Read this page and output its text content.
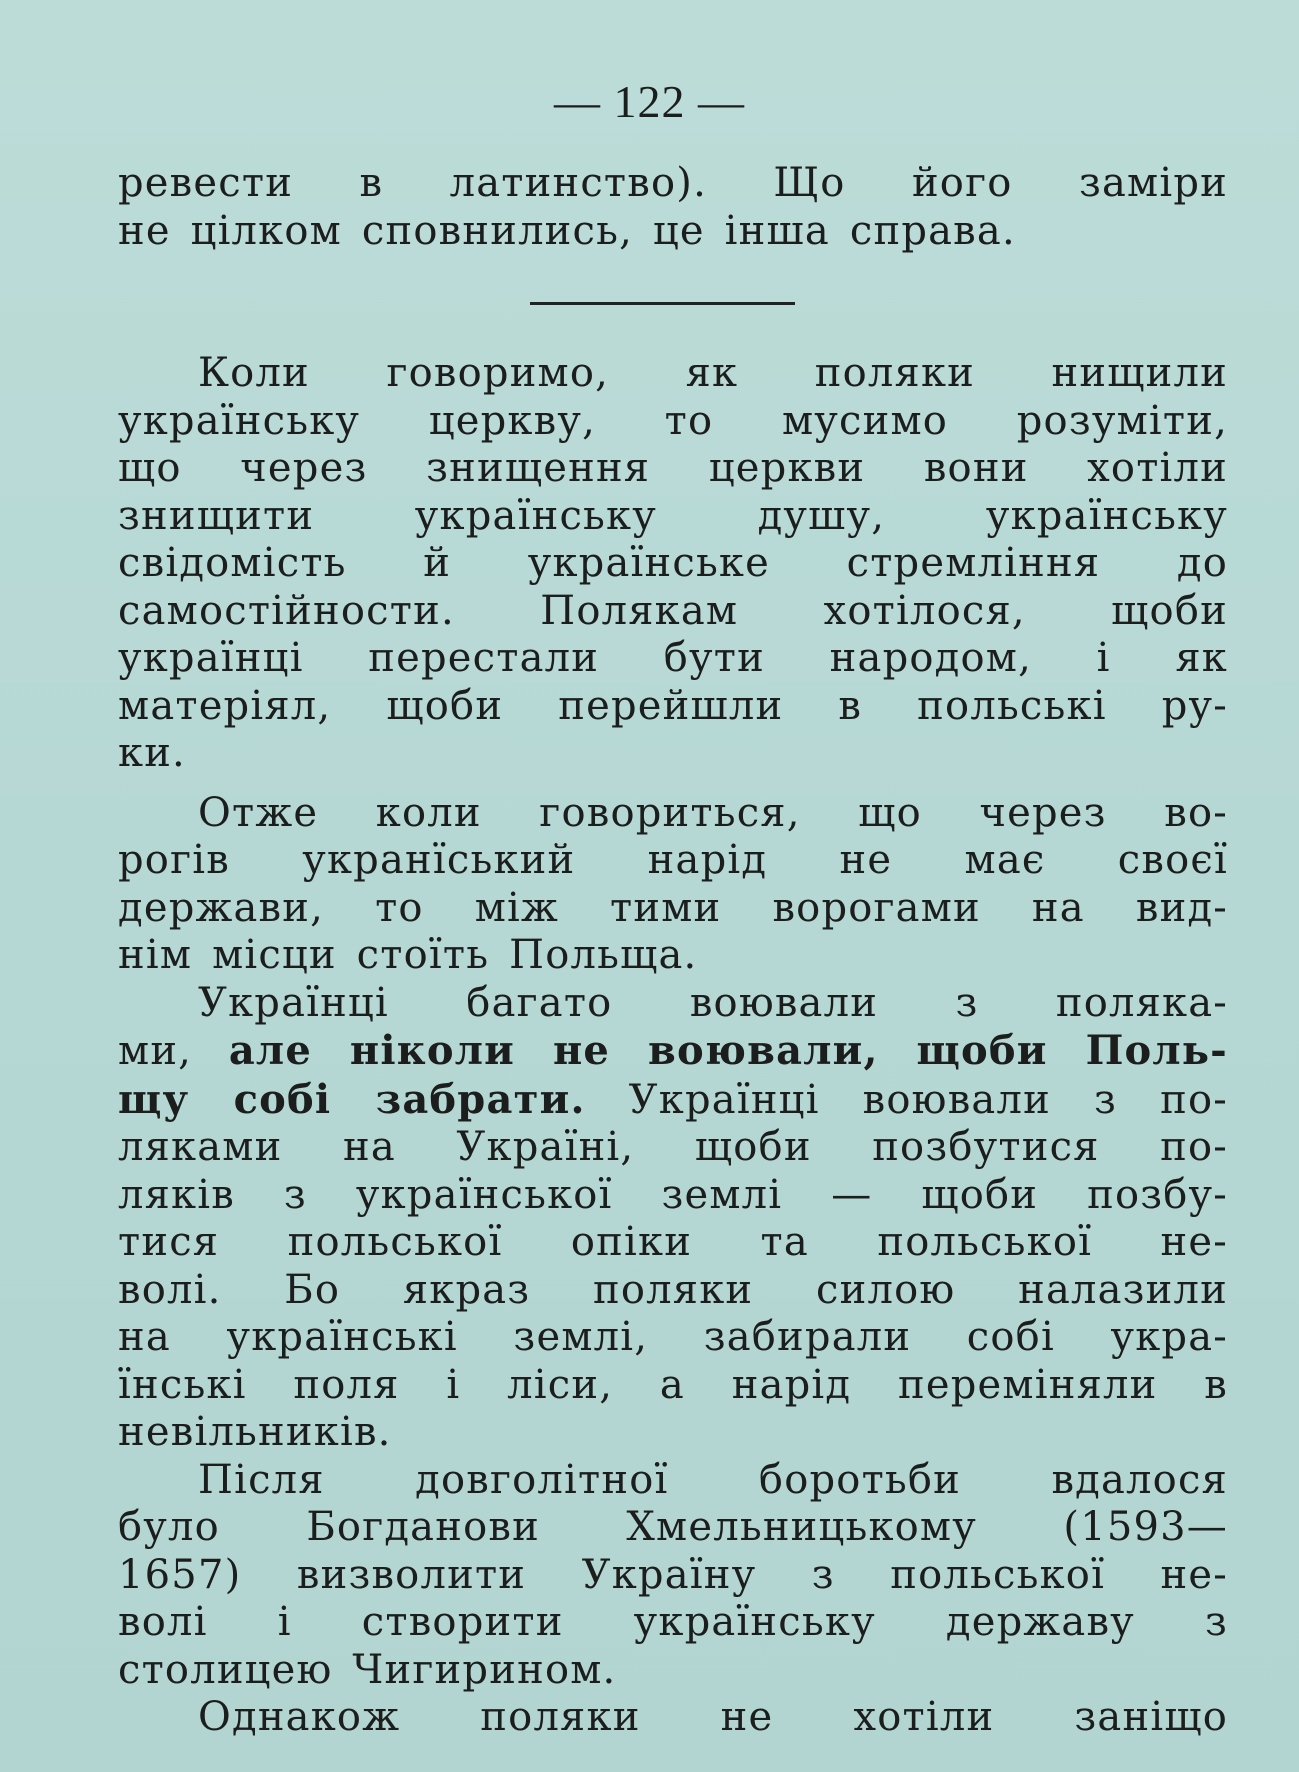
— 122 —

ревести в латинство). Що його заміри
не цілком сповнились, це інша справа.

Коли говоримо, як поляки нищили
українську церкву, то мусимо розуміти,
що через знищення церкви вони хотіли
знищити українську душу, українську
свідомість й українське стремління до
самостійности. Полякам хотілося, щоби
українці перестали бути народом, і як
матеріял, щоби перейшли в польські ру-
ки.

Отже коли говориться, що через во-
рогів укранїський нарід не має своєї
держави, то між тими ворогами на вид-
нім місци стоїть Польща.

Українці багато воювали з поляка-
ми, але ніколи не воювали, щоби Поль-
щу собі забрати. Українці воювали з по-
ляками на Україні, щоби позбутися по-
ляків з української землі — щоби позбу-
тися польської опіки та польської не-
волі. Бо якраз поляки силою налазили
на українські землі, забирали собі укра-
їнські поля і ліси, а нарід переміняли в
невільників.

Після довголітної боротьби вдалося
було Богданови Хмельницькому (1593—
1657) визволити Україну з польської не-
волі і створити українську державу з
столицею Чигирином.

Однакож поляки не хотіли заніщо
